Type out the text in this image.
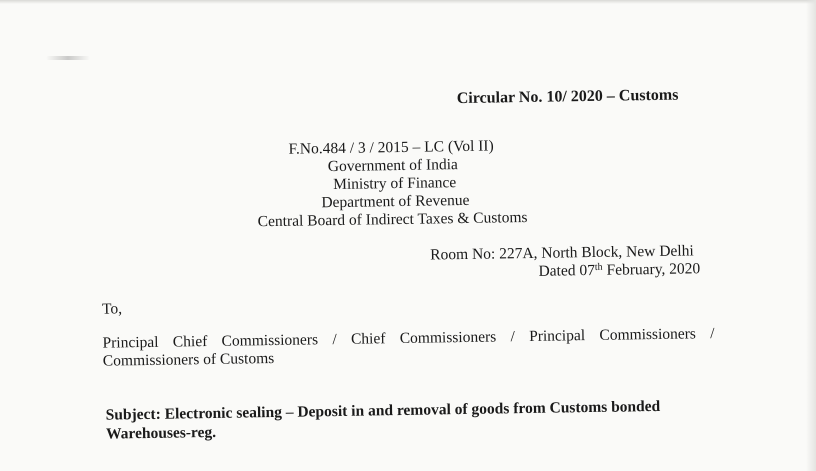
Circular No. 10/ 2020 – Customs
F.No.484 / 3 / 2015 – LC (Vol II)
Government of India
Ministry of Finance
Department of Revenue
Central Board of Indirect Taxes & Customs
Room No: 227A, North Block, New Delhi
Dated 07th February, 2020
To,
Principal Chief Commissioners / Chief Commissioners / Principal Commissioners /
Commissioners of Customs
Subject: Electronic sealing – Deposit in and removal of goods from Customs bonded
Warehouses-reg.
